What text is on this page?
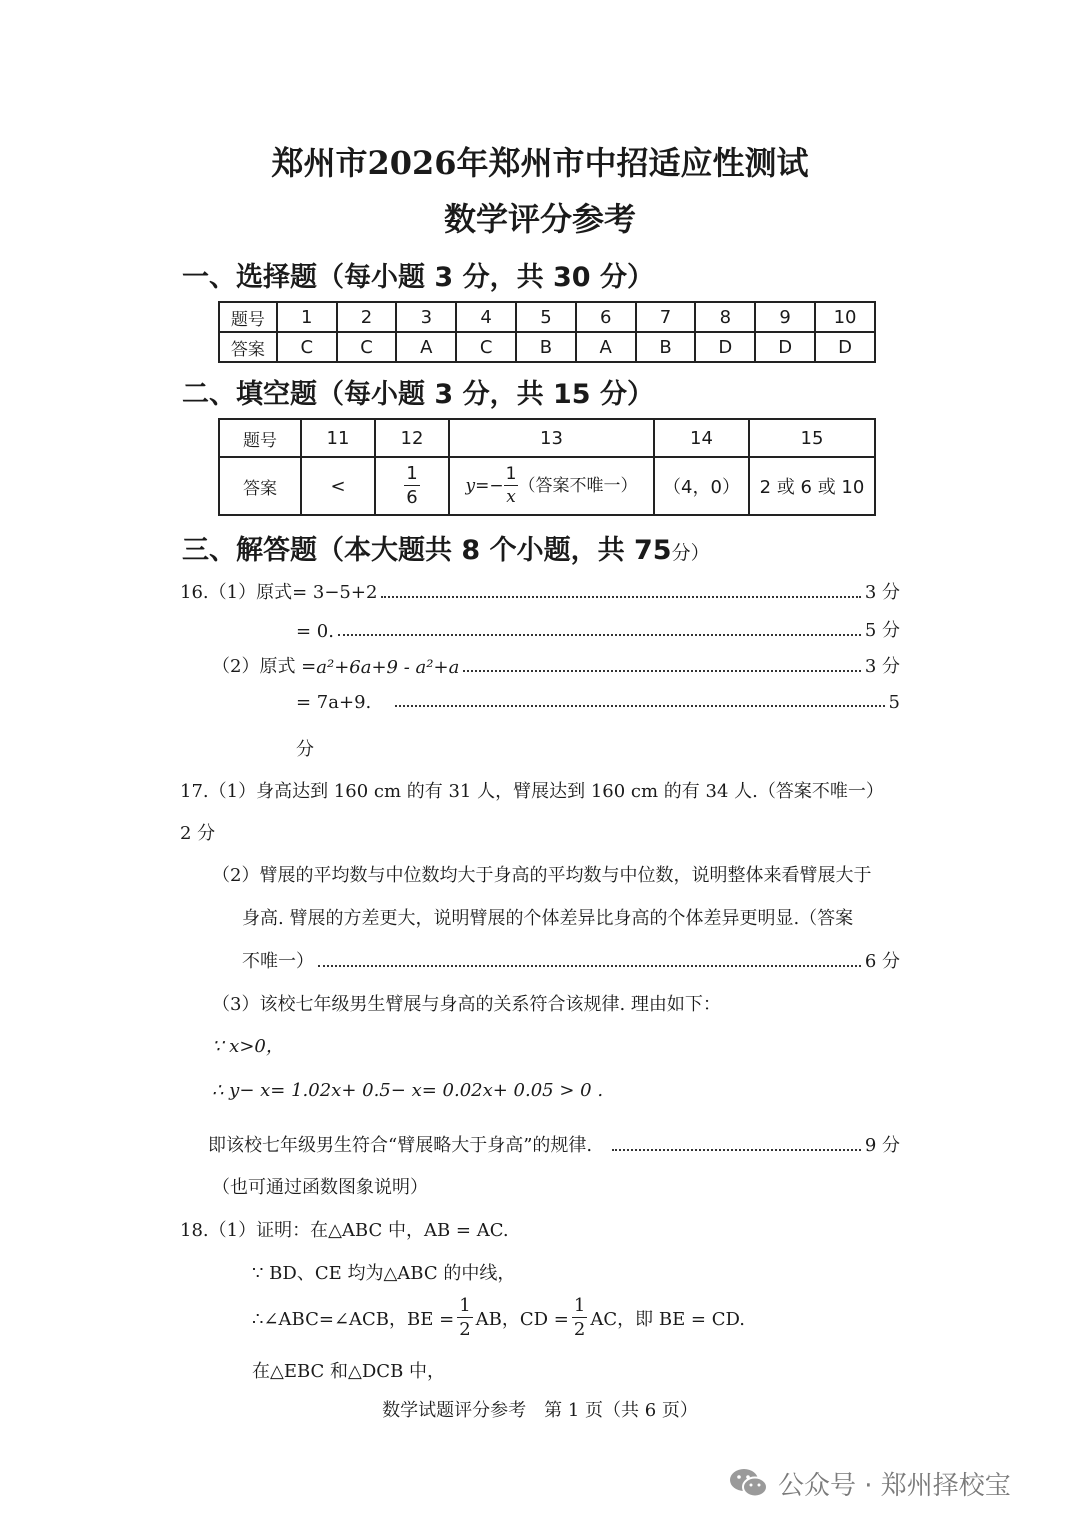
郑州市2026年郑州市中招适应性测试
数学评分参考
一、选择题（每小题 3 分，共 30 分）
题号	1	2	3	4	5	6	7	8	9	10
答案	C	C	A	C	B	A	B	D	D	D
二、填空题（每小题 3 分，共 15 分）
题号	11	12	13	14	15
答案	<	$\frac{1}{6}$	$y=- \frac{1}{x}$ （答案不唯一）	（4，0）	2 或 6 或 10
三、解答题（本大题共 8 个小题，共 75分）
16.（1）原式= 3−5+2	3 分
= 0.	5 分
（2）原式 = a²+6a+9 - a²+a	3 分
= 7a+9.	5
分
17.（1）身高达到 160 cm 的有 31 人，臂展达到 160 cm 的有 34 人.（答案不唯一）
2 分
（2）臂展的平均数与中位数均大于身高的平均数与中位数，说明整体来看臂展大于
身高. 臂展的方差更大，说明臂展的个体差异比身高的个体差异更明显.（答案
不唯一）	6 分
（3）该校七年级男生臂展与身高的关系符合该规律. 理由如下：
∵ x>0，
∴ y− x= 1.02x+ 0.5− x= 0.02x+ 0.05 > 0 .
即该校七年级男生符合“臂展略大于身高”的规律.	9 分
（也可通过函数图象说明）
18.（1）证明：在△ABC 中，AB = AC.
∵ BD、CE 均为△ABC 的中线，
∴∠ABC=∠ACB，BE = $\frac{1}{2}$ AB，CD = $\frac{1}{2}$ AC，即 BE = CD.
在△EBC 和△DCB 中，
数学试题评分参考　第 1 页（共 6 页）
公众号 · 郑州择校宝
